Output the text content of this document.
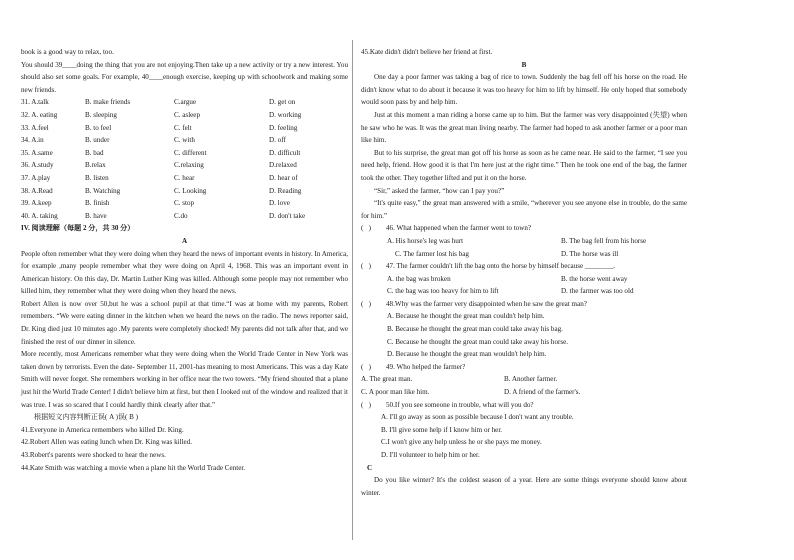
book is a good way to relax, too.

You should 39____doing the thing that you are not enjoying.Then take up a new activity or try a new interest. You should also set some goals. For example, 40____enough exercise, keeping up with schoolwork and making some new friends.

31. A.talk	B. make friends	C.argue	D. get on
32. A. eating	B. sleeping	C. asleep	D. working
33. A.feel	B. to feel	C. felt	D. feeling
34. A.in	B. under	C. with	D. off
35. A.same	B. bad	C. different	D. difficult
36. A.study	B.relax	C.relaxing	D.relaxed
37. A.play	B. listen	C. hear	D. hear of
38. A.Read	B. Watching	C. Looking	D. Reading
39. A.keep	B. finish	C. stop	D. love
40. A. taking	B. have	C.do	D. don't take

IV. 阅读理解（每题 2 分，共 30 分）

A

People often remember what they were doing when they heard the news of important events in history. In America, for example ,many people remember what they were doing on April 4, 1968. This was an important event in American history. On this day, Dr. Martin Luther King was killed. Although some people may not remember who killed him, they remember what they were doing when they heard the news.

Robert Allen is now over 50,but he was a school pupil at that time.“I was at home with my parents, Robert remembers. “We were eating dinner in the kitchen when we heard the news on the radio. The news reporter said, Dr. King died just 10 minutes ago .My parents were completely shocked! My parents did not talk after that, and we finished the rest of our dinner in silence.

More recently, most Americans remember what they were doing when the World Trade Center in New York was taken down by terrorists. Even the date- September 11, 2001-has meaning to most Americans. This was a day Kate Smith will never forget. She remembers working in her office near the two towers. “My friend shouted that a plane just hit the World Trade Center! I didn't believe him at first, but then I looked out of the window and realized that it was true. I was so scared that I could hardly think clearly after that.”

根据短文内容判断正误( A )误( B )

41.Everyone in America remembers who killed Dr. King.

42.Robert Allen was eating lunch when Dr. King was killed.

43.Robert's parents were shocked to hear the news.

44.Kate Smith was watching a movie when a plane hit the World Trade Center.

45.Kate didn't didn't believe her friend at first.

B

One day a poor farmer was taking a bag of rice to town. Suddenly the bag fell off his horse on the road. He didn't know what to do about it because it was too heavy for him to lift by himself. He only hoped that somebody would soon pass by and help him.

Just at this moment a man riding a horse came up to him. But the farmer was very disappointed (失望) when he saw who he was. It was the great man living nearby. The farmer had hoped to ask another farmer or a poor man like him.

But to his surprise, the great man got off his horse as soon as he came near. He said to the farmer, “I see you need help, friend. How good it is that I'm here just at the right time.” Then he took one end of the bag, the farmer took the other. They together lifted and put it on the horse.

“Sir,” asked the farmer, “how can I pay you?”

“It's quite easy,” the great man answered with a smile, “wherever you see anyone else in trouble, do the same for him.”

(   )	46. What happened when the farmer went to town?
A. His horse's leg was hurt	B. The bag fell from his horse
C. The farmer lost his bag	D. The horse was ill
(   )	47. The farmer couldn't lift the bag onto the horse by himself because ________.
A. the bag was broken	B. the horse went away
C. the bag was too heavy for him to lift	D. the farmer was too old
(   )	48.Why was the farmer very disappointed when he saw the great man?

A. Because he thought the great man couldn't help him.

B. Because he thought the great man could take away his bag.

C. Because he thought the great man could take away his horse.

D. Because he thought the great man wouldn't help him.

(   )	49. Who helped the farmer?
A. The great man.	B. Another farmer.
C. A poor man like him.	D. A friend of the farmer's.
(   )	50.If you see someone in trouble, what will you do?

A. I'll go away as soon as possible because I don't want any trouble.

B. I'll give some help if I know him or her.

C.I won't give any help unless he or she pays me money.

D. I'll volunteer to help him or her.

C

Do you like winter? It's the coldest season of a year. Here are some things everyone should know about winter.
